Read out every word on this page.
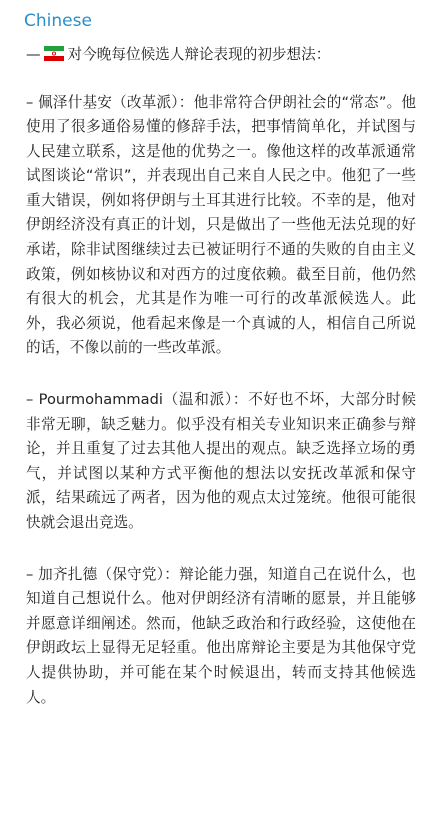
Chinese

— 对今晚每位候选人辩论表现的初步想法：

– 佩泽什基安（改革派）：他非常符合伊朗社会的“常态”。他使用了很多通俗易懂的修辞手法，把事情简单化，并试图与人民建立联系，这是他的优势之一。像他这样的改革派通常试图谈论“常识”，并表现出自己来自人民之中。他犯了一些重大错误，例如将伊朗与土耳其进行比较。不幸的是，他对伊朗经济没有真正的计划，只是做出了一些他无法兑现的好承诺，除非试图继续过去已被证明行不通的失败的自由主义政策，例如核协议和对西方的过度依赖。截至目前，他仍然有很大的机会，尤其是作为唯一可行的改革派候选人。此外，我必须说，他看起来像是一个真诚的人，相信自己所说的话，不像以前的一些改革派。

– Pourmohammadi（温和派）：不好也不坏，大部分时候非常无聊，缺乏魅力。似乎没有相关专业知识来正确参与辩论，并且重复了过去其他人提出的观点。缺乏选择立场的勇气，并试图以某种方式平衡他的想法以安抚改革派和保守派，结果疏远了两者，因为他的观点太过笼统。他很可能很快就会退出竞选。

– 加齐扎德（保守党）：辩论能力强，知道自己在说什么，也知道自己想说什么。他对伊朗经济有清晰的愿景，并且能够并愿意详细阐述。然而，他缺乏政治和行政经验，这使他在伊朗政坛上显得无足轻重。他出席辩论主要是为其他保守党人提供协助，并可能在某个时候退出，转而支持其他候选人。
